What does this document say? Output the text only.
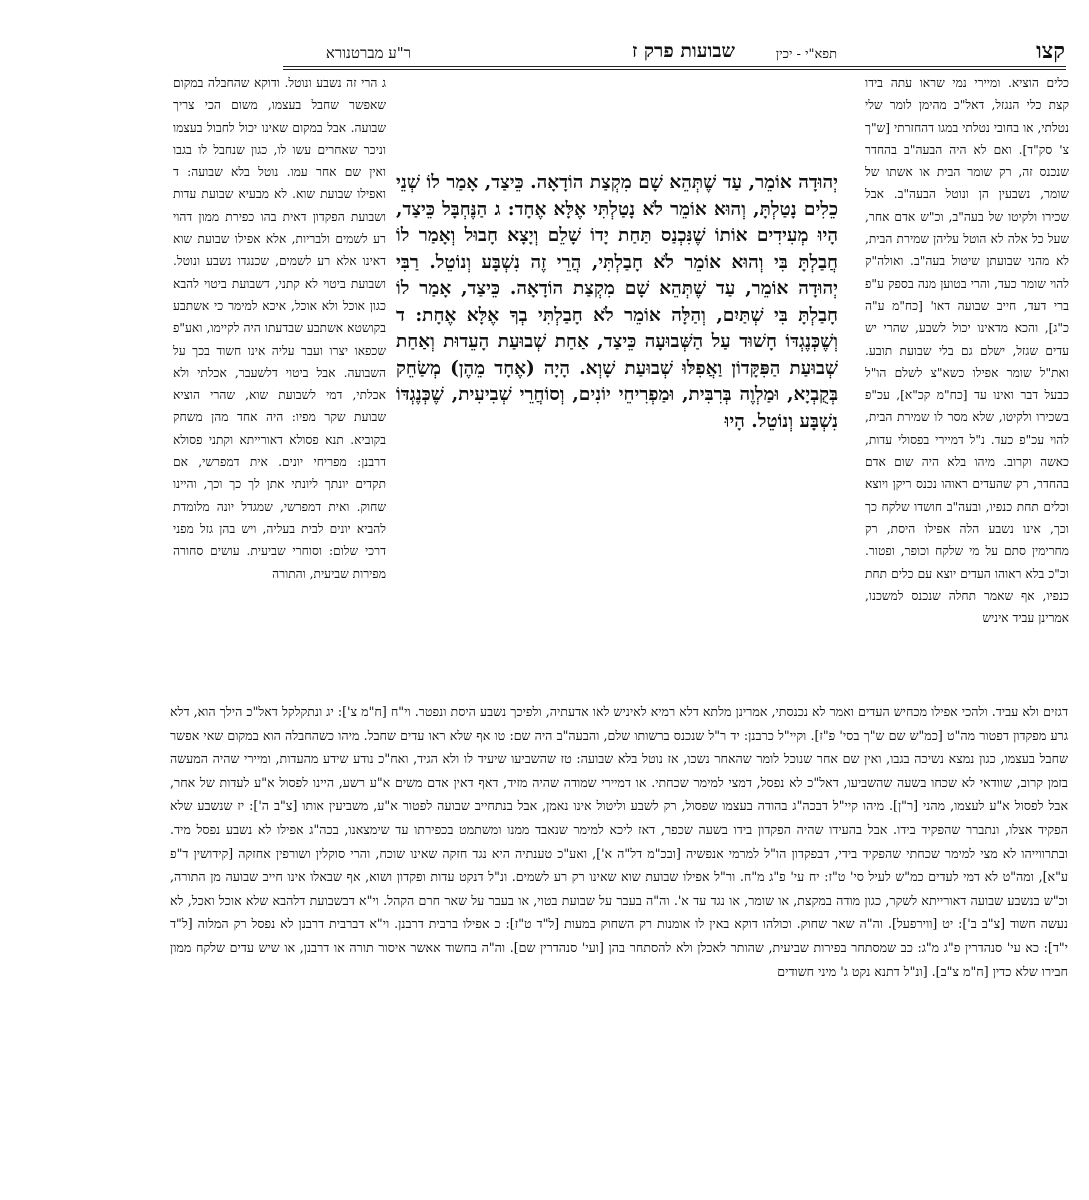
קצו
תפא"י - יכין
שבועות פרק ז
ר"ע מברטנורא

כלים הוציא. ומיירי נמי שראו עתה בידו קצת כלי הנגזל, דאל"כ מהימן לומר שלי נטלתי, או בחובי נטלתי במגו דהחזרתי [ש"ך צ' סק"ד]. ואם לא היה הבעה"ב בהחדר שנכנס זה, רק שומר הבית או אשתו של שומר, נשבעין הן ונוטל הבעה"ב. אבל שכירו ולקיטו של בעה"ב, וכ"ש אדם אחר, שעל כל אלה לא הוטל עליהן שמירת הבית, לא מהני שבועתן שיטול בעה"ב. ואולה"ק להוי שומר כעד, והרי בטוען מנה בספק ע"פ ברי דעד, חייב שבועה דאו' [כח"מ ע"ה כ"ג], והכא מדאינו יכול לשבע, שהרי יש עדים שגזל, ישלם גם בלי שבועת תובע. ואת"ל שומר אפילו כשא"צ לשלם הו"ל כבעל דבר ואינו עד [כח"מ קכ"א], עכ"פ בשכירו ולקיטו, שלא מסר לו שמירת הבית, להוי עכ"פ כעד. נ"ל דמיירי בפסולי עדות, כאשה וקרוב. מיהו בלא היה שום אדם בהחדר, רק שהעדים ראוהו נכנס ריקן ויוצא וכלים תחת כנפיו, ובעה"ב חושדו שלקח כך וכך, אינו נשבע הלה אפילו היסת, רק מחרימין סתם על מי שלקח וכופר, ופטור. וכ"כ בלא ראוהו העדים יוצא עם כלים תחת כנפיו, אף שאמר תחלה שנכנס למשכנו, אמרינן עביד איניש

ג הרי זה נשבע ונוטל. ודוקא שהחבלה במקום שאפשר שחבל בעצמו, משום הכי צריך שבועה. אבל במקום שאינו יכול לחבול בעצמו וניכר שאחרים עשו לו, כגון שנחבל לו בגבו ואין שם אחר עמו. נוטל בלא שבועה: ד ואפילו שבועת שוא. לא מבעיא שבועת עדות ושבועת הפקדון דאית בהו כפירת ממון דהוי רע לשמים ולבריות, אלא אפילו שבועת שוא דאינו אלא רע לשמים, שכנגדו נשבע ונוטל. ושבועת ביטוי לא קתני, דשבועת ביטוי להבא כגון אוכל ולא אוכל, איכא למימר כי אשתבע בקושטא אשתבע שבדעתו היה לקיימו, ואע"פ שכפאו יצרו ועבר עליה אינו חשוד בכך על השבועה. אבל ביטוי דלשעבר, אכלתי ולא אכלתי, דמי לשבועת שוא, שהרי הוציא שבועת שקר מפיו: היה אחד מהן משחק בקוביא. תנא פסולא דאורייתא וקתני פסולא דרבנן: מפריחי יונים. אית דמפרשי, אם תקדים יונתך ליונתי אתן לך כך וכך, והיינו שחוק. ואית דמפרשי, שמגדל יונה מלומדת להביא יונים לבית בעליה, ויש בהן גזל מפני דרכי שלום: וסוחרי שביעית. עושים סחורה מפירות שביעית, והתורה

יְהוּדָה אוֹמֵר, עַד שֶׁתְּהֵא שָׁם מִקְצַת הוֹדָאָה. כֵּיצַד, אָמַר לוֹ שְׁנֵי כֵלִים נָטַלְתָּ, וְהוּא אוֹמֵר לֹא נָטַלְתִּי אֶלָּא אֶחָד: ג הַנֶּחְבָּל כֵּיצַד, הָיוּ מְעִידִים אוֹתוֹ שֶׁנִּכְנַס תַּחַת יָדוֹ שָׁלֵם וְיָצָא חָבוּל וְאָמַר לוֹ חֲבַלְתָּ בִּי וְהוּא אוֹמֵר לֹא חָבַלְתִּי, הֲרֵי זֶה נִשְׁבָּע וְנוֹטֵל. רַבִּי יְהוּדָה אוֹמֵר, עַד שֶׁתְּהֵא שָׁם מִקְצַת הוֹדָאָה. כֵּיצַד, אָמַר לוֹ חָבַלְתָּ בִּי שְׁתַּיִם, וְהַלָּה אוֹמֵר לֹא חָבַלְתִּי בְךָ אֶלָּא אֶחָת: ד וְשֶׁכְּנֶגְדּוֹ חָשׁוּד עַל הַשְּׁבוּעָה כֵּיצַד, אַחַת שְׁבוּעַת הָעֵדוּת וְאַחַת שְׁבוּעַת הַפִּקָּדוֹן וַאֲפִלּוּ שְׁבוּעַת שָׁוְא. הָיָה (אֶחָד מֵהֶן) מְשַׂחֵק בְּקֻבְיָא, וּמַלְוֶה בְּרִבִּית, וּמַפְרִיחֵי יוֹנִים, וְסוֹחֲרֵי שְׁבִיעִית, שֶׁכְּנֶגְדּוֹ נִשְׁבָּע וְנוֹטֵל. הָיוּ

דגזים ולא עביד. ולהכי אפילו מכחיש העדים ואמר לא נכנסתי, אמרינן מלתא דלא רמיא לאיניש לאו אדעתיה, ולפיכך נשבע היסת ונפטר. וי"ח [ח"מ צ']: יג ונתקלקל דאל"כ הילך הוא, דלא גרע מפקדון דפטור מה"ט [כמ"ש שם ש"ך בסי' פ"ז]. וקיי"ל כרבנן: יד ר"ל שנכנס ברשותו שלם, והבעה"ב היה שם: טו אף שלא ראו עדים שחבל. מיהו כשהחבלה הוא במקום שאי אפשר שחבל בעצמו, כגון נמצא נשיכה בגבו, ואין שם אחר שנוכל לומר שהאחר נשכו, אז נוטל בלא שבועה: טז שהשביעו שיעיד לו ולא הגיד, ואח"כ נודע שידע מהעדות, ומיירי שהיה המעשה בזמן קרוב, שוודאי לא שכחו בשעה שהשביעו, דאל"כ לא נפסל, דמצי למימר שכחתי. או דמיירי שמודה שהיה מזיד, דאף דאין אדם משים א"ע רשע, היינו לפסול א"ע לעדות של אחר, אבל לפסול א"ע לעצמו, מהני [ר"ן]. מיהו קיי"ל דבכה"ג בהודה בעצמו שפסול, רק לשבע וליטול אינו נאמן, אבל בנתחייב שבועה לפטור א"ע, משביעין אותו [צ"ב ה']: יז שנשבע שלא הפקיד אצלו, ונתברר שהפקיד בידו. אבל בהעידו שהיה הפקדון בידו בשעה שכפר, דאז ליכא למימר שנאבד ממנו ומשתמט בכפירתו עד שימצאנו, בכה"ג אפילו לא נשבע נפסל מיד. ובתרווייהו לא מצי למימר שכחתי שהפקיד בידי, דבפקדון הו"ל למרמי אנפשיה [ובכ"מ דל"ה א'], ואע"כ טענתיה היא נגד חזקה שאינו שוכח, והרי סוקלין ושורפין אחזקה [קידושין ד"פ ע"א], ומה"ט לא דמי לעדים כמ"ש לעיל סי' ט"ז: יח עי' פ"ג מ"ח. ור"ל אפילו שבועת שוא שאינו רק רע לשמים. ונ"ל דנקט עדות ופקדון ושוא, אף שבאלו אינו חייב שבועה מן התורה, וכ"ש בנשבע שבועה דאורייתא לשקר, כגון מודה במקצת, או שומר, או נגד עד א'. וה"ה בעבר על שבועת בטוי, או בעבר על שאר חרם הקהל. וי"א דבשבועת דלהבא שלא אוכל ואכל, לא נעשה חשוד [צ"ב ב']: יט [ווירפעל]. וה"ה שאר שחוק. וכולהו דוקא באין לו אומנות רק השחוק במעות [ל"ד ט"ז]: כ אפילו ברבית דרבנן. וי"א דברבית דרבנן לא נפסל רק המלוה [ל"ד י"ד]: כא עי' סנהדרין פ"ג מ"ג: כב שמסתחר בפירות שביעית, שהותר לאכלן ולא להסתחר בהן [ועי' סנהדרין שם]. וה"ה בחשוד אאשר איסור תורה או דרבנן, או שיש עדים שלקח ממון חבירו שלא כדין [ח"מ צ"ב]. [ונ"ל דתנא נקט ג' מיני חשודים
